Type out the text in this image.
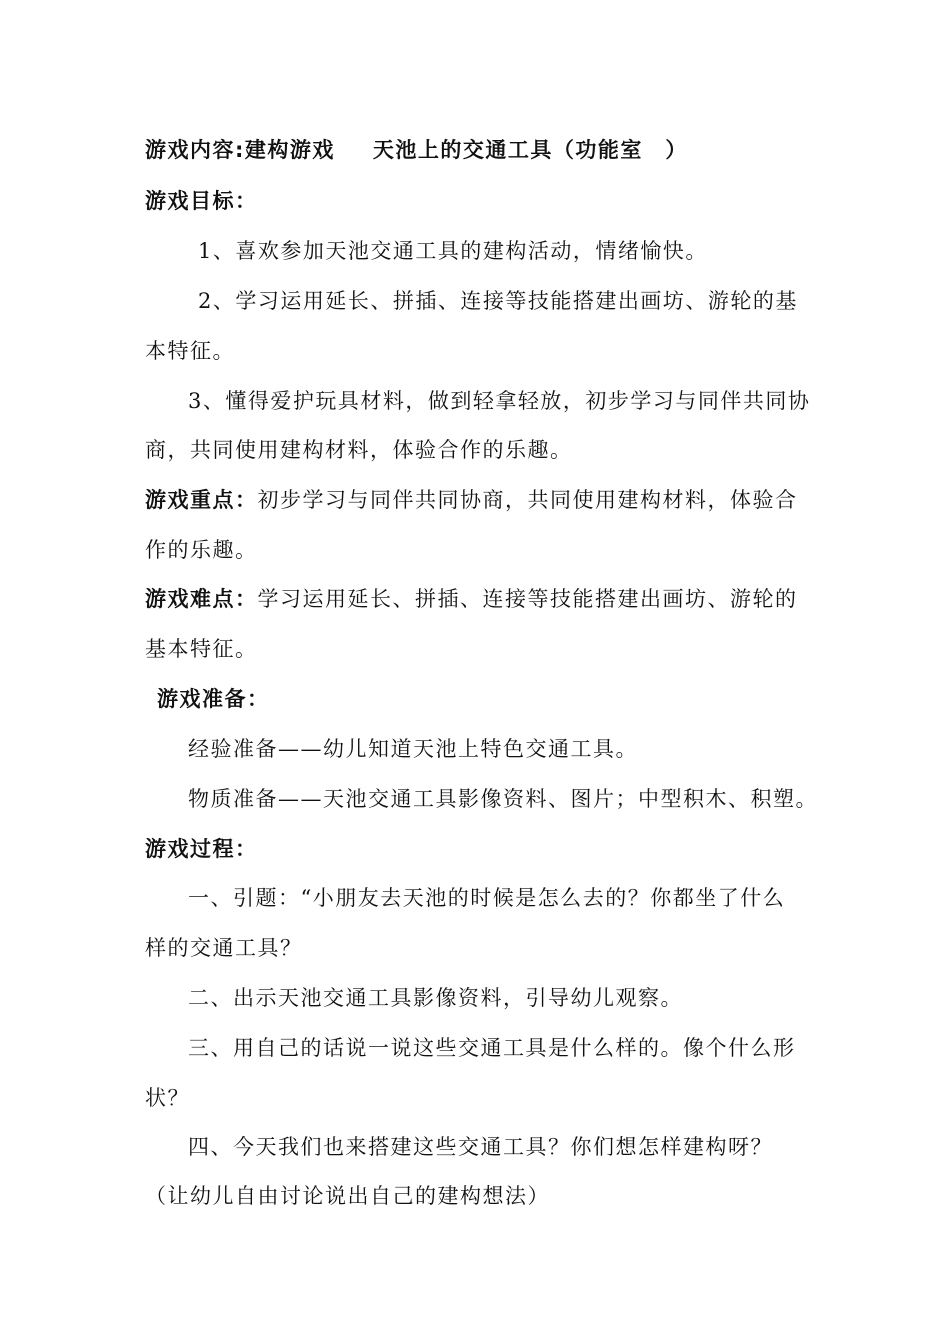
游戏内容:建构游戏 天池上的交通工具（功能室　）
游戏目标：
1、喜欢参加天池交通工具的建构活动，情绪愉快。
2、学习运用延长、拼插、连接等技能搭建出画坊、游轮的基
本特征。
3、懂得爱护玩具材料，做到轻拿轻放，初步学习与同伴共同协
商，共同使用建构材料，体验合作的乐趣。
游戏重点：初步学习与同伴共同协商，共同使用建构材料，体验合
作的乐趣。
游戏难点：学习运用延长、拼插、连接等技能搭建出画坊、游轮的
基本特征。
游戏准备：
经验准备——幼儿知道天池上特色交通工具。
物质准备——天池交通工具影像资料、图片；中型积木、积塑。
游戏过程：
一、引题：“小朋友去天池的时候是怎么去的？你都坐了什么
样的交通工具？
二、出示天池交通工具影像资料，引导幼儿观察。
三、用自己的话说一说这些交通工具是什么样的。像个什么形
状？
四、今天我们也来搭建这些交通工具？你们想怎样建构呀？
（让幼儿自由讨论说出自己的建构想法）
